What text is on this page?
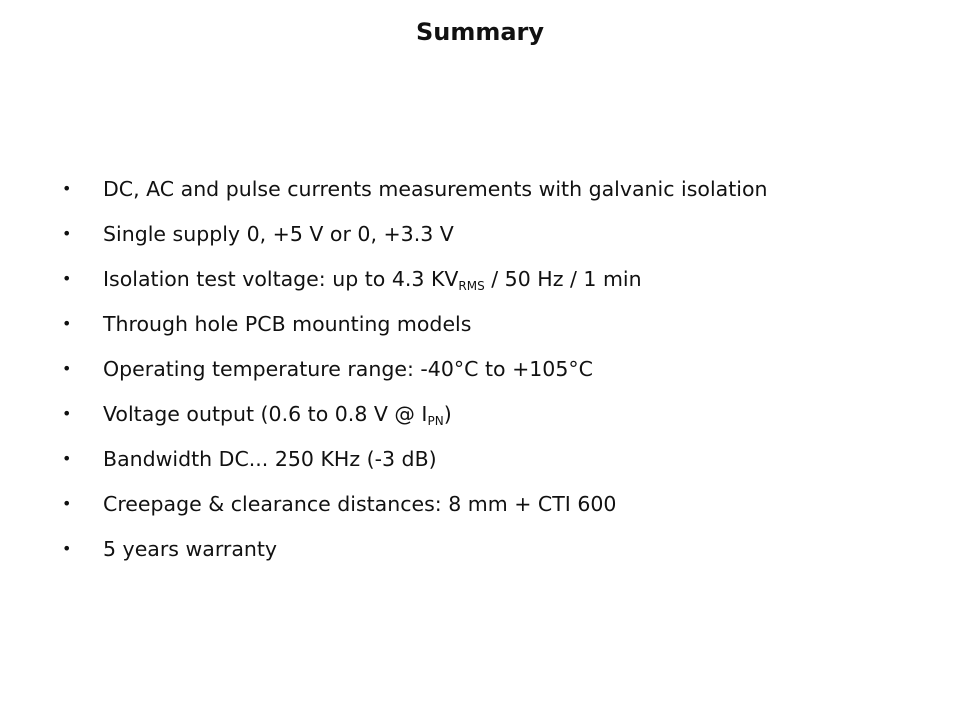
Summary
• DC, AC and pulse currents measurements with galvanic isolation
• Single supply 0, +5 V or 0, +3.3 V
• Isolation test voltage: up to 4.3 $KV_{RMS} / 50$ Hz / 1 min
• Through hole PCB mounting models
• Operating temperature range: -40°C to +105°C
• Voltage output (0.6 to 0.8 V @ $I_{PN}$)
• Bandwidth DC... 250 KHz (-3 dB)
• Creepage & clearance distances: 8 mm + CTI 600
• 5 years warranty
